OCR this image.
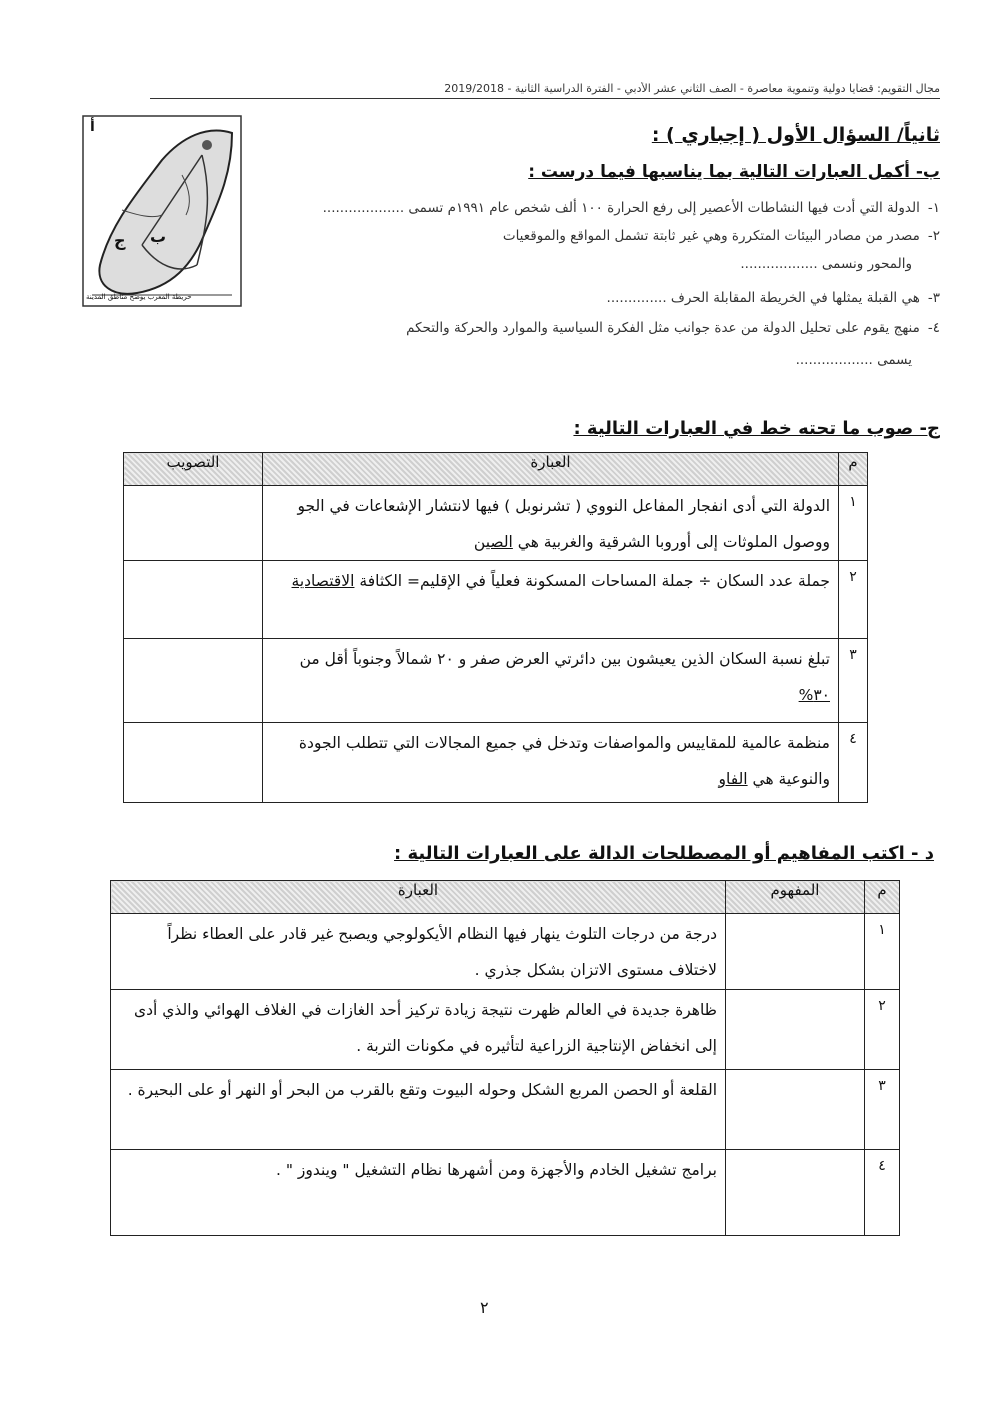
مجال التقويم: قضايا دولية وتنموية معاصرة - الصف الثاني عشر الأدبي - الفترة الدراسية الثانية - 2019/2018
أ
ب
ج
خريطة المغرب يوضح مناطق المدينة
ثانياً/ السؤال الأول ( إجباري ) :
ب- أكمل العبارات التالية بما يناسبها فيما درست :
١-الدولة التي أدت فيها النشاطات الأعصير إلى رفع الحرارة ١٠٠ ألف شخص عام ١٩٩١م تسمى ...................
٢-مصدر من مصادر البيئات المتكررة وهي غير ثابتة تشمل المواقع والموقعيات
والمحور ونسمى ..................
٣-هي القبلة يمثلها في الخريطة المقابلة الحرف ..............
٤-منهج يقوم على تحليل الدولة من عدة جوانب مثل الفكرة السياسية والموارد والحركة والتحكم
يسمى ..................
ج- صوب ما تحته خط في العبارات التالية :
م	العبارة	التصويب
١	الدولة التي أدى انفجار المفاعل النووي ( تشرنوبل ) فيها لانتشار الإشعاعات في الجو ووصول الملوثات إلى أوروبا الشرقية والغربية هي الصين	
٢	جملة عدد السكان ÷ جملة المساحات المسكونة فعلياً في الإقليم= الكثافة الاقتصادية	
٣	تبلغ نسبة السكان الذين يعيشون بين دائرتي العرض صفر و ٢٠ شمالاً وجنوباً أقل من ٣٠%	
٤	منظمة عالمية للمقاييس والمواصفات وتدخل في جميع المجالات التي تتطلب الجودة والنوعية هي الفاو	
د - اكتب المفاهيم أو المصطلحات الدالة على العبارات التالية :
م	المفهوم	العبارة
١		درجة من درجات التلوث ينهار فيها النظام الأيكولوجي ويصبح غير قادر على العطاء نظراً لاختلاف مستوى الاتزان بشكل جذري .
٢		ظاهرة جديدة في العالم ظهرت نتيجة زيادة تركيز أحد الغازات في الغلاف الهوائي والذي أدى إلى انخفاض الإنتاجية الزراعية لتأثيره في مكونات التربة .
٣		القلعة أو الحصن المربع الشكل وحوله البيوت وتقع بالقرب من البحر أو النهر أو على البحيرة .
٤		برامج تشغيل الخادم والأجهزة ومن أشهرها نظام التشغيل " ويندوز " .
٢
